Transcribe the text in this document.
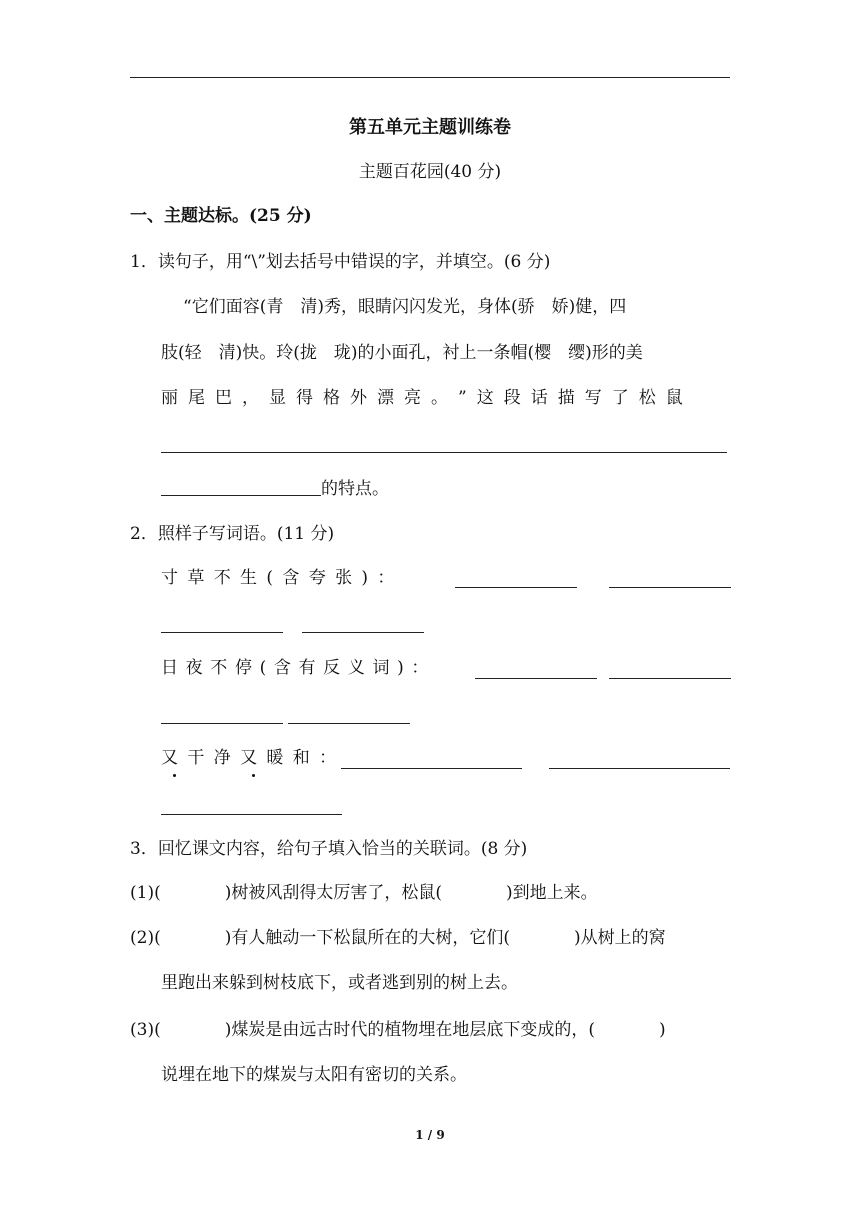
第五单元主题训练卷
主题百花园(40 分)
一、主题达标。(25 分)
1．读句子，用“\”划去括号中错误的字，并填空。(6 分)
“它们面容(青　清)秀，眼睛闪闪发光，身体(骄　娇)健，四
肢(轻　清)快。玲(拢　珑)的小面孔，衬上一条帽(樱　缨)形的美
丽 尾 巴 ， 显 得 格 外 漂 亮 。 ” 这 段 话 描 写 了 松 鼠
的特点。
2．照样子写词语。(11 分)
寸草不生(含夸张)：
日夜不停(含有反义词)：
又干净又暖和：
3．回忆课文内容，给句子填入恰当的关联词。(8 分)
(1)(	)树被风刮得太厉害了，松鼠(	)到地上来。
(2)(	)有人触动一下松鼠所在的大树，它们(	)从树上的窝
里跑出来躲到树枝底下，或者逃到别的树上去。
(3)(	)煤炭是由远古时代的植物埋在地层底下变成的，(	)
说埋在地下的煤炭与太阳有密切的关系。
1 / 9
